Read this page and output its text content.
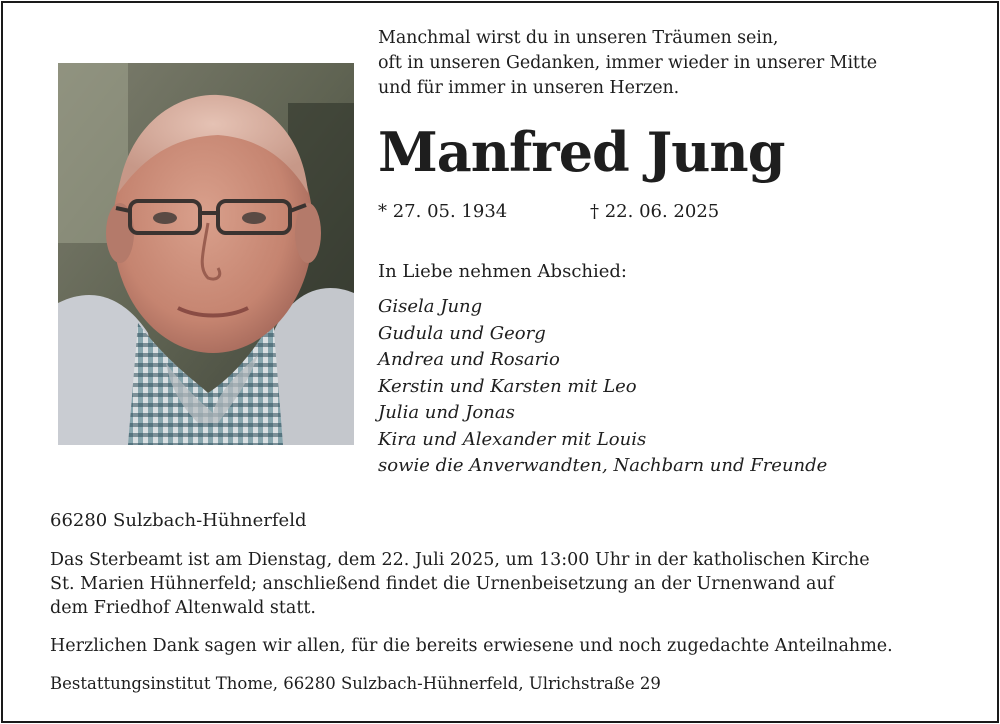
Manchmal wirst du in unseren Träumen sein,
oft in unseren Gedanken, immer wieder in unserer Mitte
und für immer in unseren Herzen.
Manfred Jung
* 27. 05. 1934	† 22. 06. 2025
In Liebe nehmen Abschied:
Gisela Jung
Gudula und Georg
Andrea und Rosario
Kerstin und Karsten mit Leo
Julia und Jonas
Kira und Alexander mit Louis
sowie die Anverwandten, Nachbarn und Freunde
66280 Sulzbach-Hühnerfeld
Das Sterbeamt ist am Dienstag, dem 22. Juli 2025, um 13:00 Uhr in der katholischen Kirche
St. Marien Hühnerfeld; anschließend findet die Urnenbeisetzung an der Urnenwand auf
dem Friedhof Altenwald statt.
Herzlichen Dank sagen wir allen, für die bereits erwiesene und noch zugedachte Anteilnahme.
Bestattungsinstitut Thome, 66280 Sulzbach-Hühnerfeld, Ulrichstraße 29
